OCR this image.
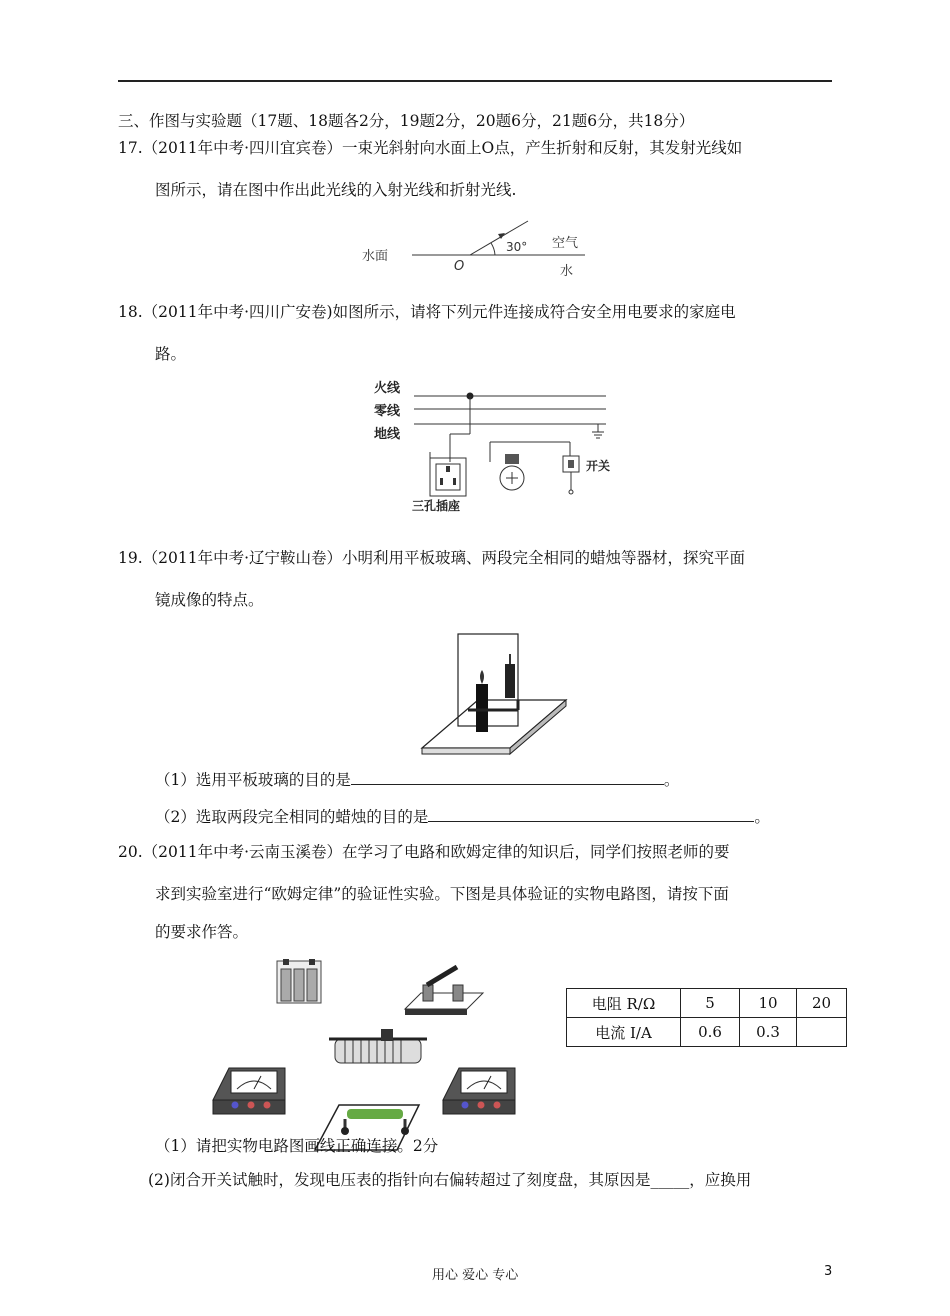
三、作图与实验题（17题、18题各2分，19题2分，20题6分，21题6分，共18分）
17.（2011年中考·四川宜宾卷）一束光斜射向水面上O点，产生折射和反射，其发射光线如
图所示，请在图中作出此光线的入射光线和折射光线.
水面
O
30° 空气
水
18.（2011年中考·四川广安卷)如图所示，请将下列元件连接成符合安全用电要求的家庭电
路。
火线
零线
地线
三孔插座
开关
19.（2011年中考·辽宁鞍山卷）小明利用平板玻璃、两段完全相同的蜡烛等器材，探究平面
镜成像的特点。
（1）选用平板玻璃的目的是	。
（2）选取两段完全相同的蜡烛的目的是	。
20.（2011年中考·云南玉溪卷）在学习了电路和欧姆定律的知识后，同学们按照老师的要
求到实验室进行“欧姆定律”的验证性实验。下图是具体验证的实物电路图，请按下面
的要求作答。
电阻 R/Ω	5	10	20
电流 I/A	0.6	0.3	
（1）请把实物电路图画线正确连接。2分
(2)闭合开关试触时，发现电压表的指针向右偏转超过了刻度盘，其原因是_____，应换用
用心 爱心 专心	3
